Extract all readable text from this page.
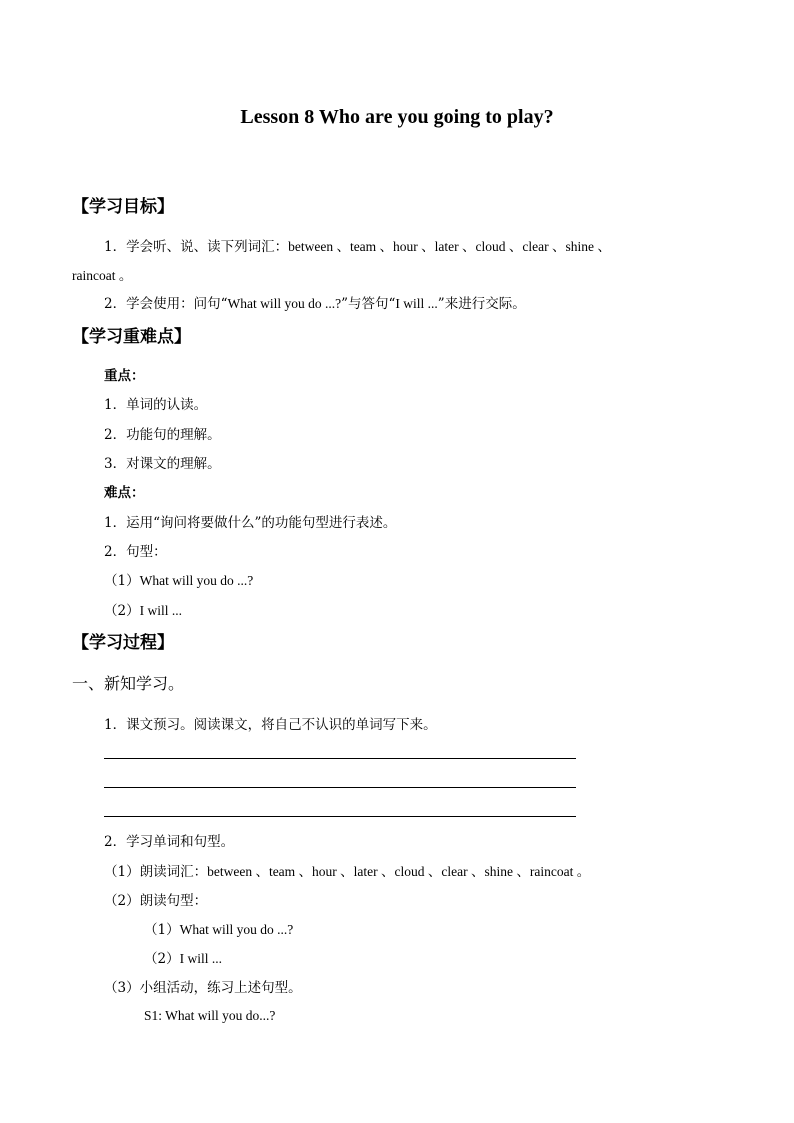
Lesson 8 Who are you going to play?
【学习目标】
1．学会听、说、读下列词汇：between 、team 、hour 、later 、cloud 、clear 、shine 、
raincoat 。
2．学会使用：问句“What will you do ...?”与答句“I will ...”来进行交际。
【学习重难点】
重点：
1．单词的认读。
2．功能句的理解。
3．对课文的理解。
难点：
1．运用“询问将要做什么”的功能句型进行表述。
2．句型：
（1）What will you do ...?
（2）I will ...
【学习过程】
一、新知学习。
1．课文预习。阅读课文，将自己不认识的单词写下来。
2．学习单词和句型。
（1）朗读词汇：between 、team 、hour 、later 、cloud 、clear 、shine 、raincoat 。
（2）朗读句型：
（1）What will you do ...?
（2）I will ...
（3）小组活动，练习上述句型。
S1: What will you do...?
